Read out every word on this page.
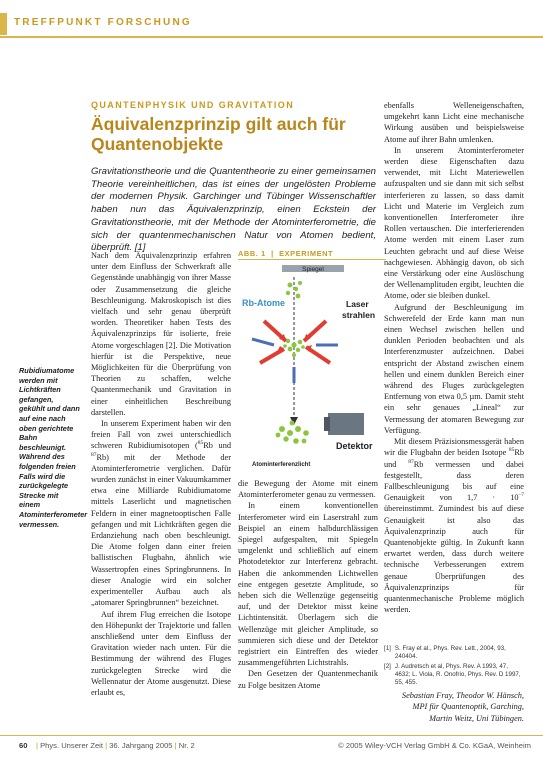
TREFFPUNKT FORSCHUNG
QUANTENPHYSIK UND GRAVITATION
Äquivalenzprinzip gilt auch für Quantenobjekte

Gravitationstheorie und die Quantentheorie zu einer gemeinsamen Theorie vereinheitlichen, das ist eines der ungelösten Probleme der modernen Physik. Garchinger und Tübinger Wissenschaftler haben nun das Äquivalenzprinzip, einen Eckstein der Gravitationstheorie, mit der Methode der Atominterferometrie, die sich der quantenmechanischen Natur von Atomen bedient, überprüft. [1]

Rubidiumatome werden mit Lichtkräften gefangen, gekühlt und dann auf eine nach oben gerichtete Bahn beschleunigt. Während des folgenden freien Falls wird die zurückgelegte Strecke mit einem Atominterferometer vermessen.

Nach dem Äquivalenzprinzip erfahren unter dem Einfluss der Schwerkraft alle Gegenstände unabhängig von ihrer Masse oder Zusammensetzung die gleiche Beschleunigung. Makroskopisch ist dies vielfach und sehr genau überprüft worden. Theoretiker haben Tests des Äquivalenzprinzips für isolierte, freie Atome vorgeschlagen [2]. Die Motivation hierfür ist die Perspektive, neue Möglichkeiten für die Überprüfung von Theorien zu schaffen, welche Quantenmechanik und Gravitation in einer einheitlichen Beschreibung darstellen.

In unserem Experiment haben wir den freien Fall von zwei unterschiedlich schweren Rubidiumisotopen ($^{85}$Rb und $^{87}$Rb) mit der Methode der Atominterferometrie verglichen. Dafür wurden zunächst in einer Vakuumkammer etwa eine Milliarde Rubidiumatome mittels Laserlicht und magnetischen Feldern in einer magnetooptischen Falle gefangen und mit Lichtkräften gegen die Erdanziehung nach oben beschleunigt. Die Atome folgen dann einer freien ballistischen Flugbahn, ähnlich wie Wassertropfen eines Springbrunnens. In dieser Analogie wird ein solcher experimenteller Aufbau auch als „atomarer Springbrunnen“ bezeichnet.

Auf ihrem Flug erreichen die Isotope den Höhepunkt der Trajektorie und fallen anschließend unter dem Einfluss der Gravitation wieder nach unten. Für die Bestimmung der während des Fluges zurückgelegten Strecke wird die Wellennatur der Atome ausgenutzt. Diese erlaubt es,

ABB. 1  |  EXPERIMENT
Spiegel
Rb-Atome	Laser
strahlen
Detektor
Atominterferenzlicht

die Bewegung der Atome mit einem Atominterferometer genau zu vermessen.

In einem konventionellen Interferometer wird ein Laserstrahl zum Beispiel an einem halbdurchlässigen Spiegel aufgespalten, mit Spiegeln umgelenkt und schließlich auf einem Photodetektor zur Interferenz gebracht. Haben die ankommenden Lichtwellen eine entgegen gesetzte Amplitude, so heben sich die Wellenzüge gegenseitig auf, und der Detektor misst keine Lichtintensität. Überlagern sich die Wellenzüge mit gleicher Amplitude, so summieren sich diese und der Detektor registriert ein Eintreffen des wieder zusammengeführten Lichtstrahls.

Den Gesetzen der Quantenmechanik zu Folge besitzen Atome

ebenfalls Welleneigenschaften, umgekehrt kann Licht eine mechanische Wirkung ausüben und beispielsweise Atome auf ihrer Bahn umlenken.

In unserem Atominterferometer werden diese Eigenschaften dazu verwendet, mit Licht Materiewellen aufzuspalten und sie dann mit sich selbst interferieren zu lassen, so dass damit Licht und Materie im Vergleich zum konventionellen Interferometer ihre Rollen vertauschen. Die interferierenden Atome werden mit einem Laser zum Leuchten gebracht und auf diese Weise nachgewiesen. Abhängig davon, ob sich eine Verstärkung oder eine Auslöschung der Wellenamplituden ergibt, leuchten die Atome, oder sie bleiben dunkel.

Aufgrund der Beschleunigung im Schwerefeld der Erde kann man nun einen Wechsel zwischen hellen und dunklen Perioden beobachten und als Interferenzmuster aufzeichnen. Dabei entspricht der Abstand zwischen einem hellen und einem dunklen Bereich einer während des Fluges zurückgelegten Entfernung von etwa 0,5 µm. Damit steht ein sehr genaues „Lineal“ zur Vermessung der atomaren Bewegung zur Verfügung.

Mit diesem Präzisionsmessgerät haben wir die Flugbahn der beiden Isotope $^{85}$Rb und $^{87}$Rb vermessen und dabei festgestellt, dass deren Fallbeschleunigung bis auf eine Genauigkeit von $1,7 \cdot 10^{-7}$ übereinstimmt. Zumindest bis auf diese Genauigkeit ist also das Äquivalenzprinzip auch für Quantenobjekte gültig. In Zukunft kann erwartet werden, dass durch weitere technische Verbesserungen extrem genaue Überprüfungen des Äquivalenzprinzips für quantenmechanische Probleme möglich werden.

[1] S. Fray et al., Phys. Rev. Lett., 2004, 93, 240404.
[2] J. Audretsch et al, Phys. Rev. A 1993, 47, 4632; L. Viola, R. Onofrio, Phys. Rev. D 1997, 55, 455.
Sebastian Fray, Theodor W. Hänsch,
MPI für Quantenoptik, Garching,
Martin Weitz, Uni Tübingen.
60 | Phys. Unserer Zeit | 36. Jahrgang 2005 | Nr. 2	© 2005 Wiley-VCH Verlag GmbH & Co. KGaA, Weinheim
